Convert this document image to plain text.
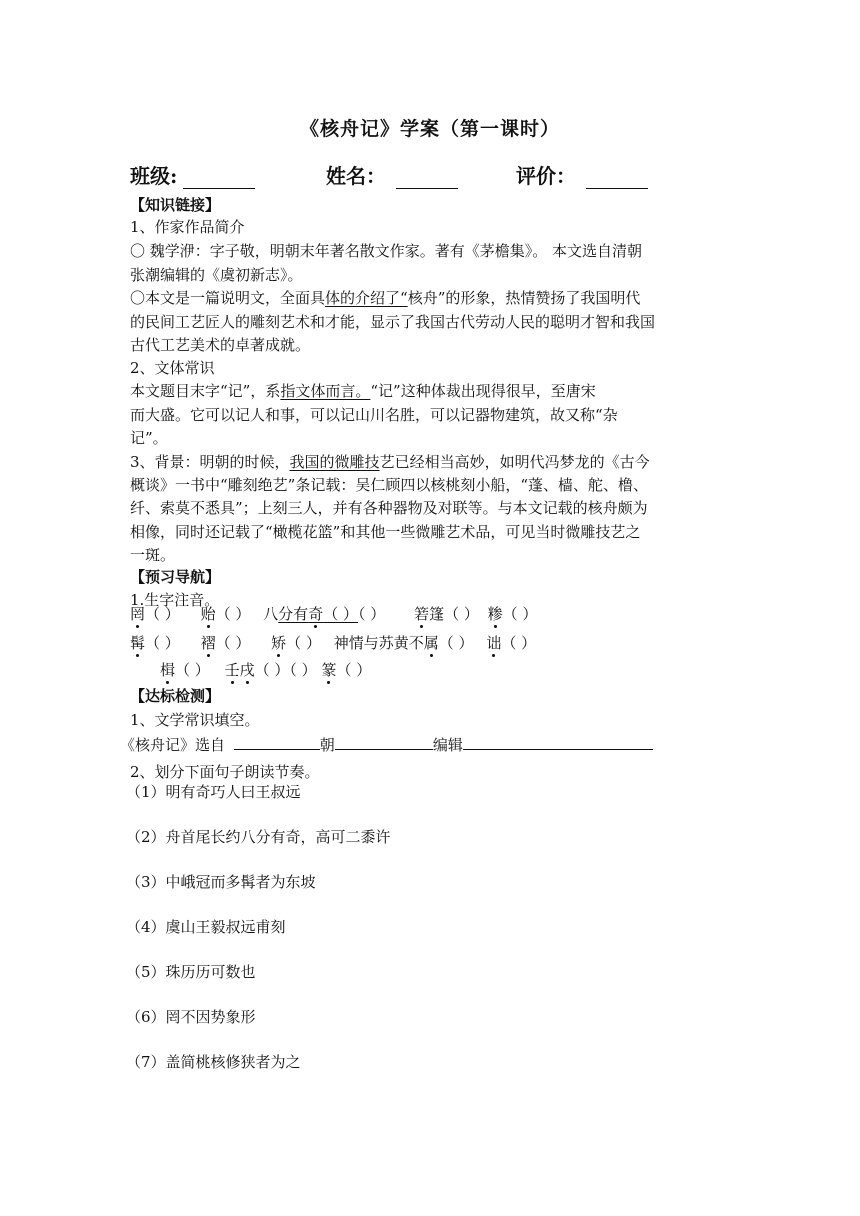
《核舟记》学案（第一课时）
班级:	姓名：	评价：
【知识链接】
1、作家作品简介
〇 魏学洢：字子敬，明朝末年著名散文作家。著有《茅檐集》。 本文选自清朝
张潮编辑的《虞初新志》。
〇本文是一篇说明文，全面具体的介绍了“核舟”的形象，热情赞扬了我国明代
的民间工艺匠人的雕刻艺术和才能，显示了我国古代劳动人民的聪明才智和我国
古代工艺美术的卓著成就。
2、文体常识
本文题目末字“记”，系指文体而言。“记”这种体裁出现得很早，至唐宋
而大盛。它可以记人和事，可以记山川名胜，可以记器物建筑，故又称“杂
记”。
3、背景：明朝的时候，我国的微雕技艺已经相当高妙，如明代冯梦龙的《古今
概谈》一书中“雕刻绝艺”条记载：吴仁顾四以核桃刻小船，“蓬、樯、舵、橹、
纤、索莫不悉具”；上刻三人，并有各种器物及对联等。与本文记载的核舟颇为
相像，同时还记载了“橄榄花篮”和其他一些微雕艺术品，可见当时微雕技艺之
一斑。
【预习导航】
1.生字注音。
罔（ ） 贻（ ） 八分有奇（ ）（ ） 箬篷（ ） 糁（ ）
髯（ ） 褶（ ） 矫（ ） 神情与苏黄不属（ ） 诎（ ）
楫（ ） 壬戌（ ）（ ） 篆（ ）
【达标检测】
1、文学常识填空。
《核舟记》选自	朝	编辑
2、划分下面句子朗读节奏。
（1）明有奇巧人曰王叔远
（2）舟首尾长约八分有奇，高可二黍许
（3）中峨冠而多髯者为东坡
（4）虞山王毅叔远甫刻
（5）珠历历可数也
（6）罔不因势象形
（7）盖简桃核修狭者为之
